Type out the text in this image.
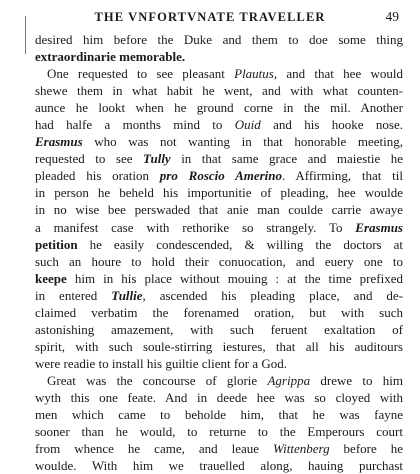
THE VNFORTVNATE TRAVELLER	49
desired him before the Duke and them to doe some thing
extraordinarie memorable.
One requested to see pleasant Plautus, and that hee would
shewe them in what habit he went, and with what counten-
aunce he lookt when he ground corne in the mil. Another
had halfe a months mind to Ouid and his hooke nose.
Erasmus who was not wanting in that honorable meeting,
requested to see Tully in that same grace and maiestie he
pleaded his oration pro Roscio Amerino. Affirming, that til
in person he beheld his importunitie of pleading, hee woulde
in no wise bee perswaded that anie man coulde carrie awaye
a manifest case with rethorike so strangely. To Erasmus
petition he easily condescended, & willing the doctors at
such an houre to hold their conuocation, and euery one to
keepe him in his place without mouing : at the time prefixed
in entered Tullie, ascended his pleading place, and de-
claimed verbatim the forenamed oration, but with such
astonishing amazement, with such feruent exaltation of
spirit, with such soule-stirring iestures, that all his auditours
were readie to install his guiltie client for a God.
Great was the concourse of glorie Agrippa drewe to him
wyth this one feate. And in deede hee was so cloyed with
men which came to beholde him, that he was fayne
sooner than he would, to returne to the Emperours court
from whence he came, and leaue Wittenberg before he
woulde. With him we trauelled along, hauing purchast
